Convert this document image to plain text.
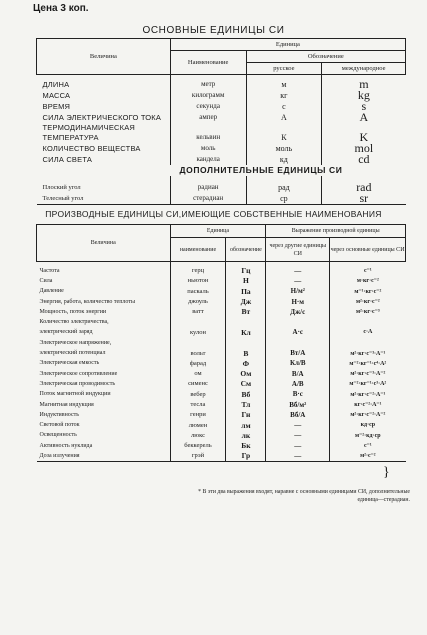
Цена 3 коп.
ОСНОВНЫЕ ЕДИНИЦЫ СИ
Величина	Единица		
	Наименование	Обозначение	
		русское	международное

ДЛИНА	метр	м	m
МАССА	килограмм	кг	kg
ВРЕМЯ	секунда	с	s
СИЛА ЭЛЕКТРИЧЕСКОГО ТОКА	ампер	А	A
ТЕРМОДИНАМИЧЕСКАЯ			
ТЕМПЕРАТУРА	кельвин	К	K
КОЛИЧЕСТВО ВЕЩЕСТВА	моль	моль	mol
СИЛА СВЕТА	кандела	кд	cd
ДОПОЛНИТЕЛЬНЫЕ ЕДИНИЦЫ СИ			

Плоский угол	радиан	рад	rad
Телесный угол	стерадиан	ср	sr
ПРОИЗВОДНЫЕ ЕДИНИЦЫ СИ,ИМЕЮЩИЕ СОБСТВЕННЫЕ НАИМЕНОВАНИЯ
Величина	Единица		Выражение производной единицы	
	наименование	обозначение	через другие единицы СИ	через основные единицы СИ

Частота	герц	Гц	—	с⁻¹
Сила	ньютон	Н	—	м·кг·с⁻²
Давление	паскаль	Па	Н/м²	м⁻¹·кг·с⁻²
Энергия, работа, количество теплоты	джоуль	Дж	Н·м	м²·кг·с⁻²
Мощность, поток энергии	ватт	Вт	Дж/с	м²·кг·с⁻³
Количество электричества,				
электрический заряд	кулон	Кл	А·с	с·А
Электрическое напряжение,				
электрический потенциал	вольт	В	Вт/А	м²·кг·с⁻³·А⁻¹
Электрическая емкость	фарад	Ф	Кл/В	м⁻²·кг⁻¹·с⁴·А²
Электрическое сопротивление	ом	Ом	В/А	м²·кг·с⁻³·А⁻²
Электрическая проводимость	сименс	См	А/В	м⁻²·кг⁻¹·с³·А²
Поток магнитной индукции	вебер	Вб	В·с	м²·кг·с⁻²·А⁻¹
Магнитная индукция	тесла	Тл	Вб/м²	кг·с⁻²·А⁻¹
Индуктивность	генри	Гн	Вб/А	м²·кг·с⁻²·А⁻²
Световой поток	люмен	лм	—	кд·ср
Освещенность	люкс	лк	—	м⁻²·кд·ср
Активность нуклида	беккерель	Бк	—	с⁻¹
Доза излучения	грэй	Гр	—	м²·с⁻²
}
* В эти два выражения входят, наравне с основными единицами СИ, дополнительные
единица—стерадиан.
